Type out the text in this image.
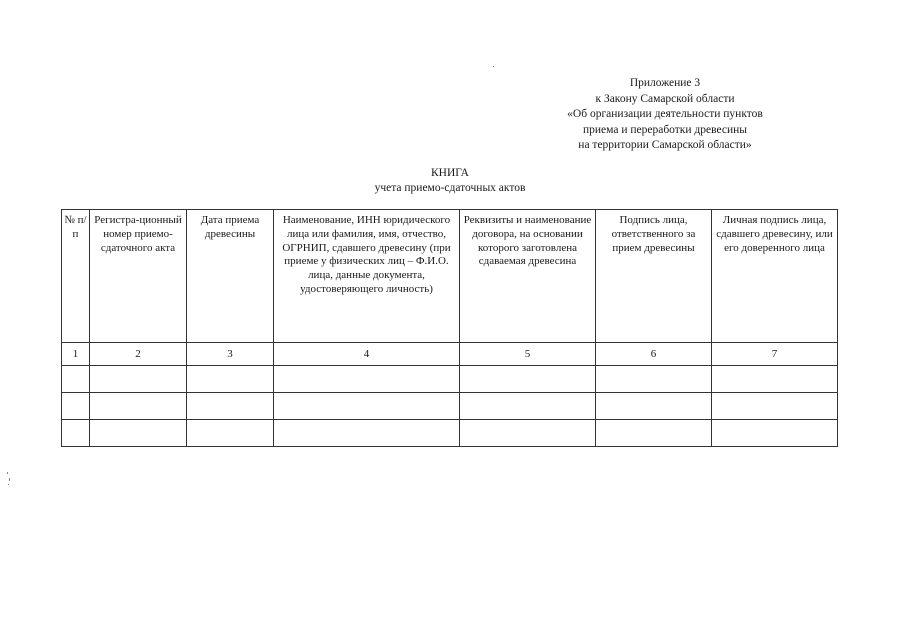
Приложение 3
к Закону Самарской области
«Об организации деятельности пунктов
приема и переработки древесины
на территории Самарской области»
КНИГА
учета приемо-сдаточных актов
№ п/п	Регистра-ционный номер приемо-сдаточного акта	Дата приема древесины	Наименование, ИНН юридического лица или фамилия, имя, отчество, ОГРНИП, сдавшего древесину (при приеме у физических лиц – Ф.И.О. лица, данные документа, удостоверяющего личность)	Реквизиты и наименование договора, на основании которого заготовлена сдаваемая древесина	Подпись лица, ответственного за прием древесины	Личная подпись лица, сдавшего древесину, или его доверенного лица
1	2	3	4	5	6	7
